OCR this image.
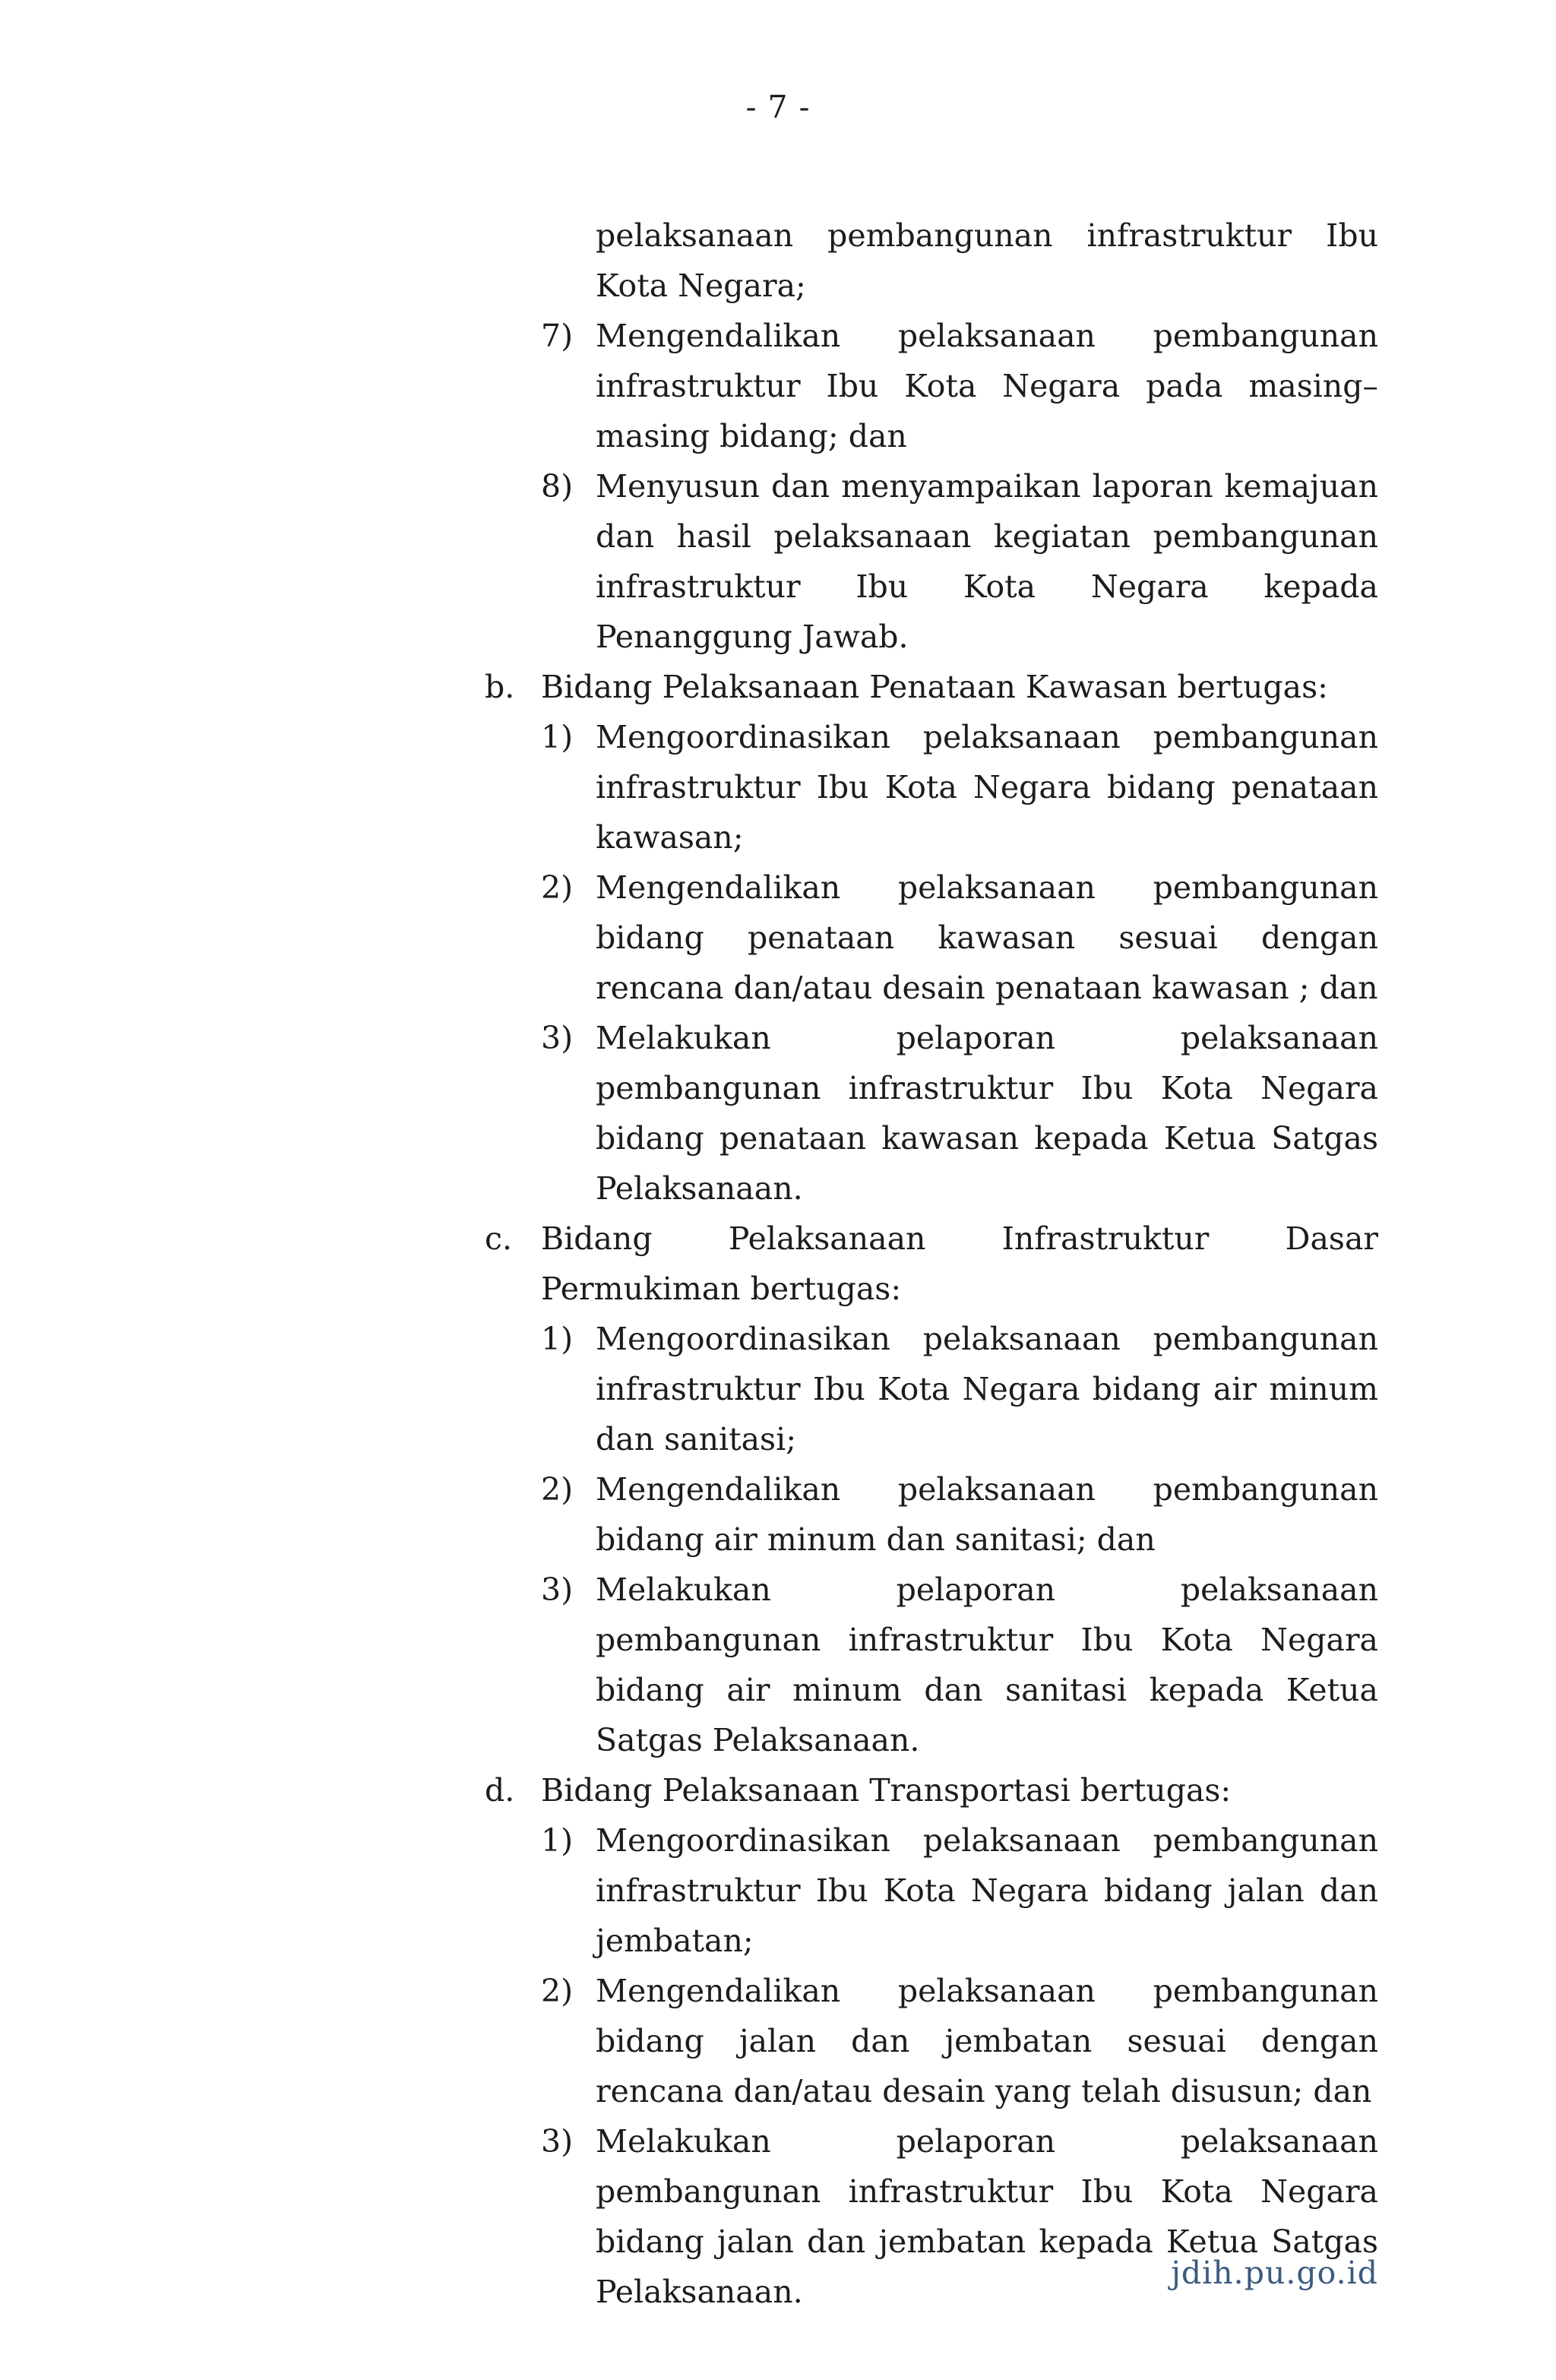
- 7 -
pelaksanaan pembangunan infrastruktur Ibu Kota Negara;
7) Mengendalikan pelaksanaan pembangunan infrastruktur Ibu Kota Negara pada masing–masing bidang; dan
8) Menyusun dan menyampaikan laporan kemajuan dan hasil pelaksanaan kegiatan pembangunan infrastruktur Ibu Kota Negara kepada Penanggung Jawab.
b. Bidang Pelaksanaan Penataan Kawasan bertugas:
1) Mengoordinasikan pelaksanaan pembangunan infrastruktur Ibu Kota Negara bidang penataan kawasan;
2) Mengendalikan pelaksanaan pembangunan bidang penataan kawasan sesuai dengan rencana dan/atau desain penataan kawasan ; dan
3) Melakukan pelaporan pelaksanaan pembangunan infrastruktur Ibu Kota Negara bidang penataan kawasan kepada Ketua Satgas Pelaksanaan.
c. Bidang Pelaksanaan Infrastruktur Dasar Permukiman bertugas:
1) Mengoordinasikan pelaksanaan pembangunan infrastruktur Ibu Kota Negara bidang air minum dan sanitasi;
2) Mengendalikan pelaksanaan pembangunan bidang air minum dan sanitasi; dan
3) Melakukan pelaporan pelaksanaan pembangunan infrastruktur Ibu Kota Negara bidang air minum dan sanitasi kepada Ketua Satgas Pelaksanaan.
d. Bidang Pelaksanaan Transportasi bertugas:
1) Mengoordinasikan pelaksanaan pembangunan infrastruktur Ibu Kota Negara bidang jalan dan jembatan;
2) Mengendalikan pelaksanaan pembangunan bidang jalan dan jembatan sesuai dengan rencana dan/atau desain yang telah disusun; dan
3) Melakukan pelaporan pelaksanaan pembangunan infrastruktur Ibu Kota Negara bidang jalan dan jembatan kepada Ketua Satgas Pelaksanaan.
jdih.pu.go.id
